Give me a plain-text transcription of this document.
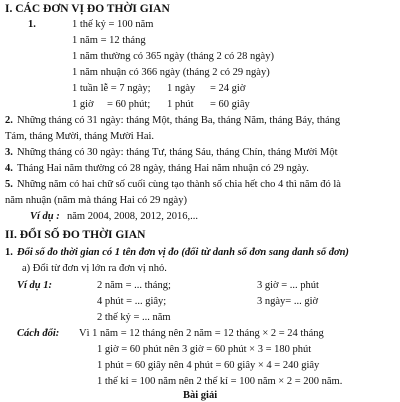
I. CÁC ĐƠN VỊ ĐO THỜI GIAN
1.	1 thế kỷ = 100 năm
1 năm = 12 tháng
1 năm thường có 365 ngày (tháng 2 có 28 ngày)
1 năm nhuận có 366 ngày (tháng 2 có 29 ngày)
1 tuần lễ = 7 ngày; 1 ngày = 24 giờ
1 giờ = 60 phút; 1 phút = 60 giây
2. Những tháng có 31 ngày: tháng Một, tháng Ba, tháng Năm, tháng Bảy, tháng
Tám, tháng Mười, tháng Mười Hai.
3. Những tháng có 30 ngày: tháng Tư, tháng Sáu, tháng Chín, tháng Mười Một
4. Tháng Hai năm thường có 28 ngày, tháng Hai năm nhuận có 29 ngày.
5. Những năm có hai chữ số cuối cùng tạo thành số chia hết cho 4 thì năm đó là
năm nhuận (năm mà tháng Hai có 29 ngày)
Ví dụ : năm 2004, 2008, 2012, 2016,...
II. ĐỔI SỐ ĐO THỜI GIAN
1. Đổi số đo thời gian có 1 tên đơn vị đo (đổi từ danh số đơn sang danh số đơn)
a) Đổi từ đơn vị lớn ra đơn vị nhỏ.
Ví dụ 1:	2 năm = ... tháng;	3 giờ = ... phút
4 phút = ... giây;	3 ngày= ... giờ
2 thế kỷ = ... năm
Cách đổi: Vì 1 năm = 12 tháng nên 2 năm = 12 tháng × 2 = 24 tháng
1 giờ = 60 phút nên 3 giờ = 60 phút × 3 = 180 phút
1 phút = 60 giây nên 4 phút = 60 giây × 4 = 240 giây
1 thế kỉ = 100 năm nên 2 thế kỉ = 100 năm × 2 = 200 năm.
Bài giải
